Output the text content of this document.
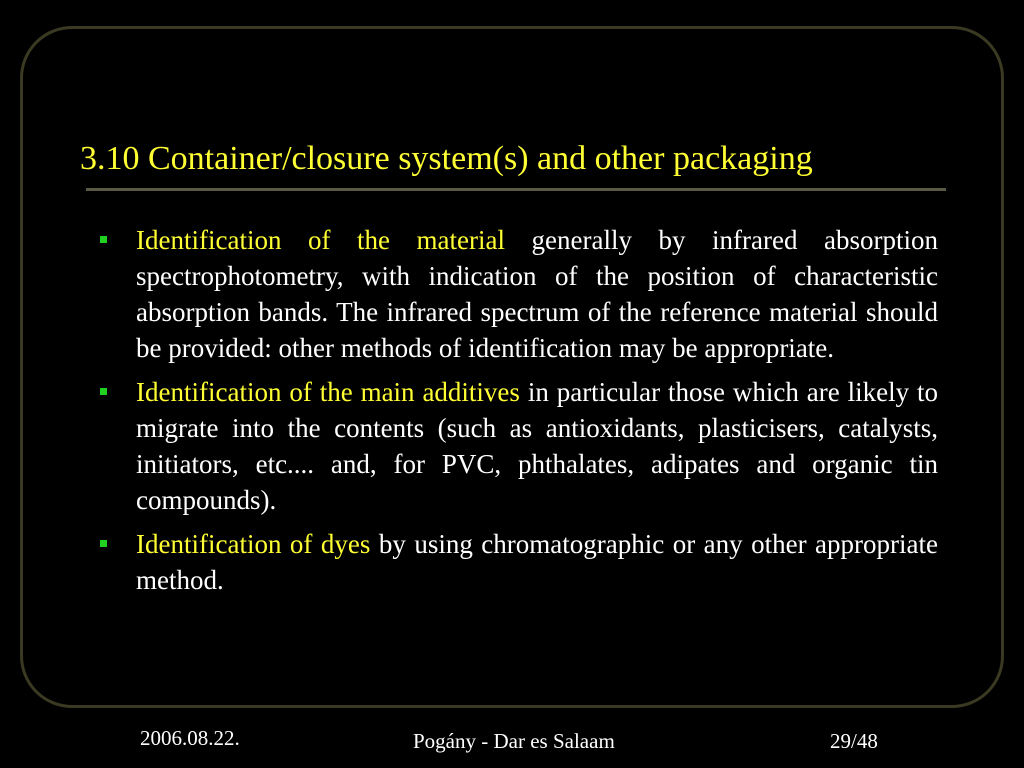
3.10 Container/closure system(s) and other packaging
Identification of the material generally by infrared absorption spectrophotometry, with indication of the position of characteristic absorption bands. The infrared spectrum of the reference material should be provided: other methods of identification may be appropriate.
Identification of the main additives in particular those which are likely to migrate into the contents (such as antioxidants, plasticisers, catalysts, initiators, etc.... and, for PVC, phthalates, adipates and organic tin compounds).
Identification of dyes by using chromatographic or any other appropriate method.
2006.08.22.	Pogány - Dar es Salaam	29/48
